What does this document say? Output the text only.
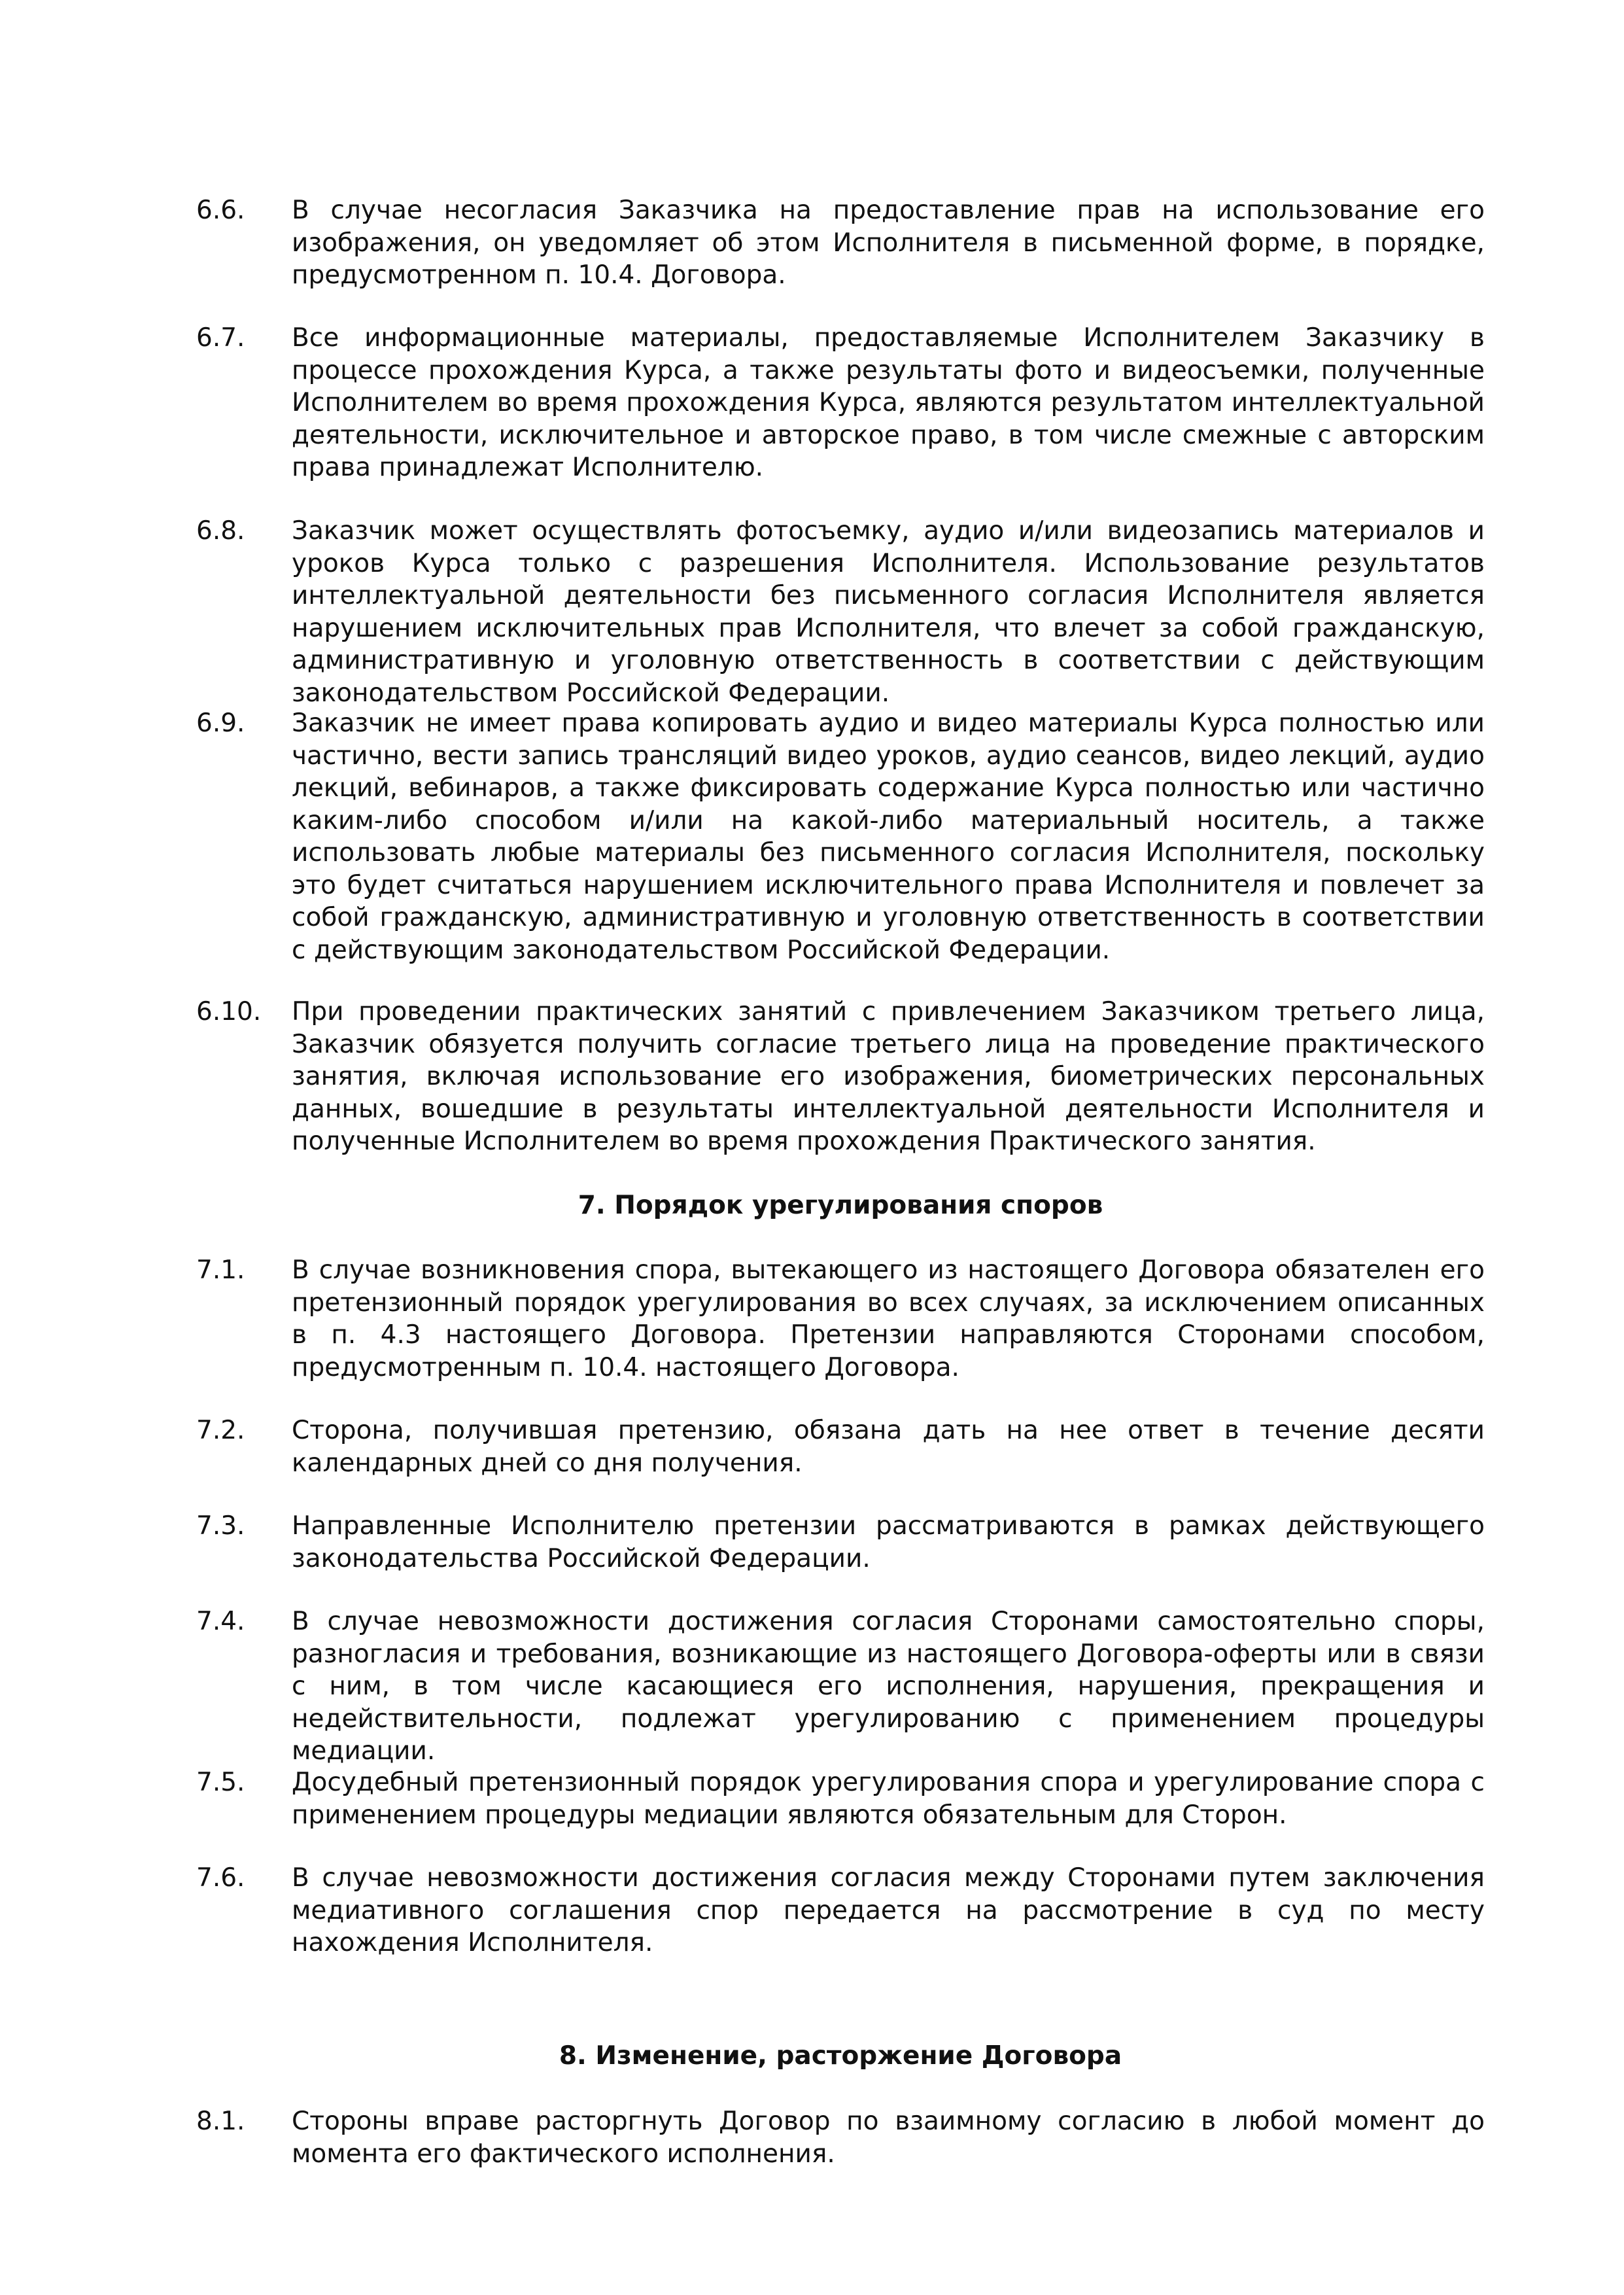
6.6. В случае несогласия Заказчика на предоставление прав на использование его изображения, он уведомляет об этом Исполнителя в письменной форме, в порядке, предусмотренном п. 10.4. Договора.
6.7. Все информационные материалы, предоставляемые Исполнителем Заказчику в процессе прохождения Курса, а также результаты фото и видеосъемки, полученные Исполнителем во время прохождения Курса, являются результатом интеллектуальной деятельности, исключительное и авторское право, в том числе смежные с авторским права принадлежат Исполнителю.
6.8. Заказчик может осуществлять фотосъемку, аудио и/или видеозапись материалов и уроков Курса только с разрешения Исполнителя. Использование результатов интеллектуальной деятельности без письменного согласия Исполнителя является нарушением исключительных прав Исполнителя, что влечет за собой гражданскую, административную и уголовную ответственность в соответствии с действующим законодательством Российской Федерации.
6.9. Заказчик не имеет права копировать аудио и видео материалы Курса полностью или частично, вести запись трансляций видео уроков, аудио сеансов, видео лекций, аудио лекций, вебинаров, а также фиксировать содержание Курса полностью или частично каким-либо способом и/или на какой-либо материальный носитель, а также использовать любые материалы без письменного согласия Исполнителя, поскольку это будет считаться нарушением исключительного права Исполнителя и повлечет за собой гражданскую, административную и уголовную ответственность в соответствии с действующим законодательством Российской Федерации.
6.10. При проведении практических занятий с привлечением Заказчиком третьего лица, Заказчик обязуется получить согласие третьего лица на проведение практического занятия, включая использование его изображения, биометрических персональных данных, вошедшие в результаты интеллектуальной деятельности Исполнителя и полученные Исполнителем во время прохождения Практического занятия.
7. Порядок урегулирования споров
7.1. В случае возникновения спора, вытекающего из настоящего Договора обязателен его претензионный порядок урегулирования во всех случаях, за исключением описанных в п. 4.3 настоящего Договора. Претензии направляются Сторонами способом, предусмотренным п. 10.4. настоящего Договора.
7.2. Сторона, получившая претензию, обязана дать на нее ответ в течение десяти календарных дней со дня получения.
7.3. Направленные Исполнителю претензии рассматриваются в рамках действующего законодательства Российской Федерации.
7.4. В случае невозможности достижения согласия Сторонами самостоятельно споры, разногласия и требования, возникающие из настоящего Договора-оферты или в связи с ним, в том числе касающиеся его исполнения, нарушения, прекращения и недействительности, подлежат урегулированию с применением процедуры медиации.
7.5. Досудебный претензионный порядок урегулирования спора и урегулирование спора с применением процедуры медиации являются обязательным для Сторон.
7.6. В случае невозможности достижения согласия между Сторонами путем заключения медиативного соглашения спор передается на рассмотрение в суд по месту нахождения Исполнителя.
8. Изменение, расторжение Договора
8.1. Стороны вправе расторгнуть Договор по взаимному согласию в любой момент до момента его фактического исполнения.
